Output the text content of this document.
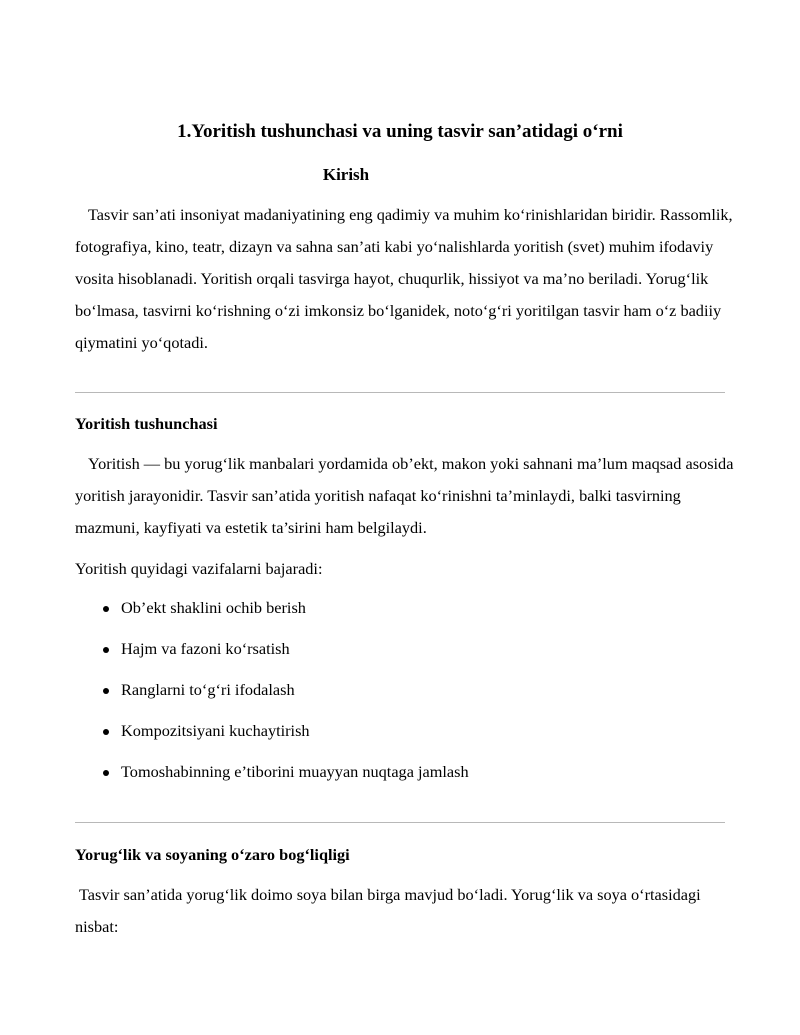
1.Yoritish tushunchasi va uning tasvir san’atidagi o‘rni
Kirish

Tasvir san’ati insoniyat madaniyatining eng qadimiy va muhim ko‘rinishlaridan biridir. Rassomlik, fotografiya, kino, teatr, dizayn va sahna san’ati kabi yo‘nalishlarda yoritish (svet) muhim ifodaviy vosita hisoblanadi. Yoritish orqali tasvirga hayot, chuqurlik, hissiyot va ma’no beriladi. Yorug‘lik bo‘lmasa, tasvirni ko‘rishning o‘zi imkonsiz bo‘lganidek, noto‘g‘ri yoritilgan tasvir ham o‘z badiiy qiymatini yo‘qotadi.

Yoritish tushunchasi

Yoritish — bu yorug‘lik manbalari yordamida ob’ekt, makon yoki sahnani ma’lum maqsad asosida yoritish jarayonidir. Tasvir san’atida yoritish nafaqat ko‘rinishni ta’minlaydi, balki tasvirning mazmuni, kayfiyati va estetik ta’sirini ham belgilaydi.

Yoritish quyidagi vazifalarni bajaradi:

Ob’ekt shaklini ochib berish
Hajm va fazoni ko‘rsatish
Ranglarni to‘g‘ri ifodalash
Kompozitsiyani kuchaytirish
Tomoshabinning e’tiborini muayyan nuqtaga jamlash
Yorug‘lik va soyaning o‘zaro bog‘liqligi

Tasvir san’atida yorug‘lik doimo soya bilan birga mavjud bo‘ladi. Yorug‘lik va soya o‘rtasidagi nisbat:
